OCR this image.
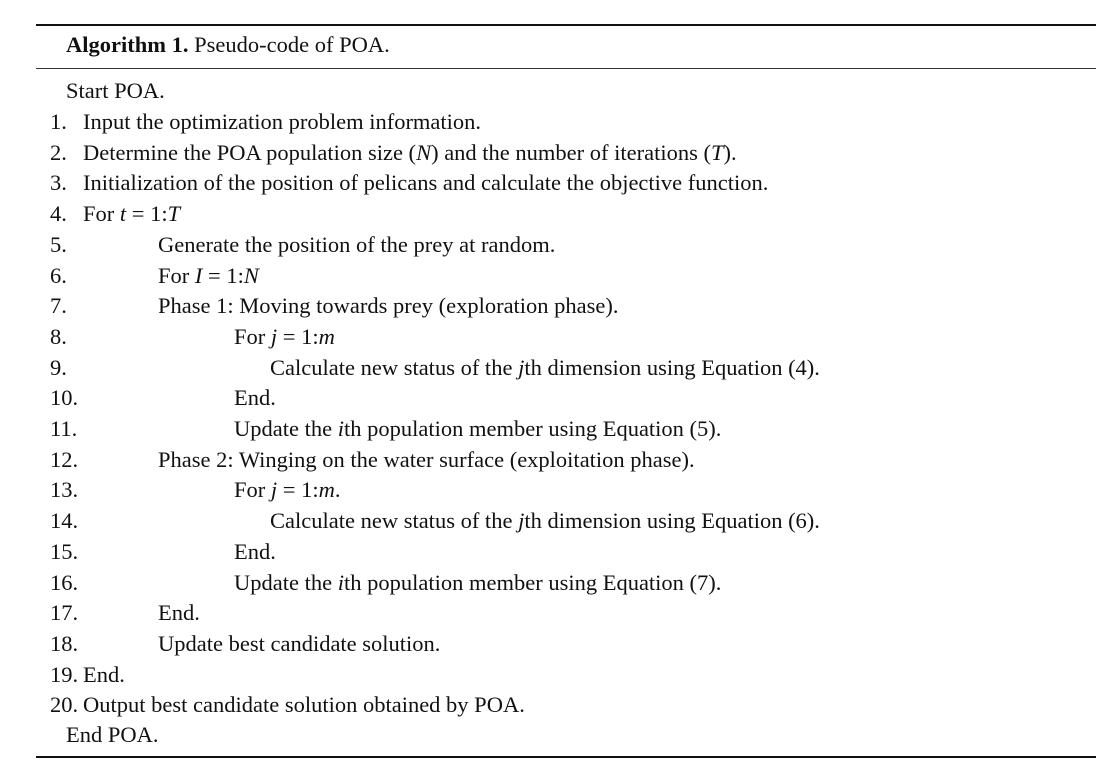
Algorithm 1. Pseudo-code of POA.
Start POA.
1. Input the optimization problem information.
2. Determine the POA population size (N) and the number of iterations (T).
3. Initialization of the position of pelicans and calculate the objective function.
4. For t = 1:T
5.	Generate the position of the prey at random.
6.	For I = 1:N
7.	Phase 1: Moving towards prey (exploration phase).
8.	For j = 1:m
9.	Calculate new status of the jth dimension using Equation (4).
10.	End.
11.	Update the ith population member using Equation (5).
12.	Phase 2: Winging on the water surface (exploitation phase).
13.	For j = 1:m.
14.	Calculate new status of the jth dimension using Equation (6).
15.	End.
16.	Update the ith population member using Equation (7).
17.	End.
18.	Update best candidate solution.
19. End.
20. Output best candidate solution obtained by POA.
End POA.
